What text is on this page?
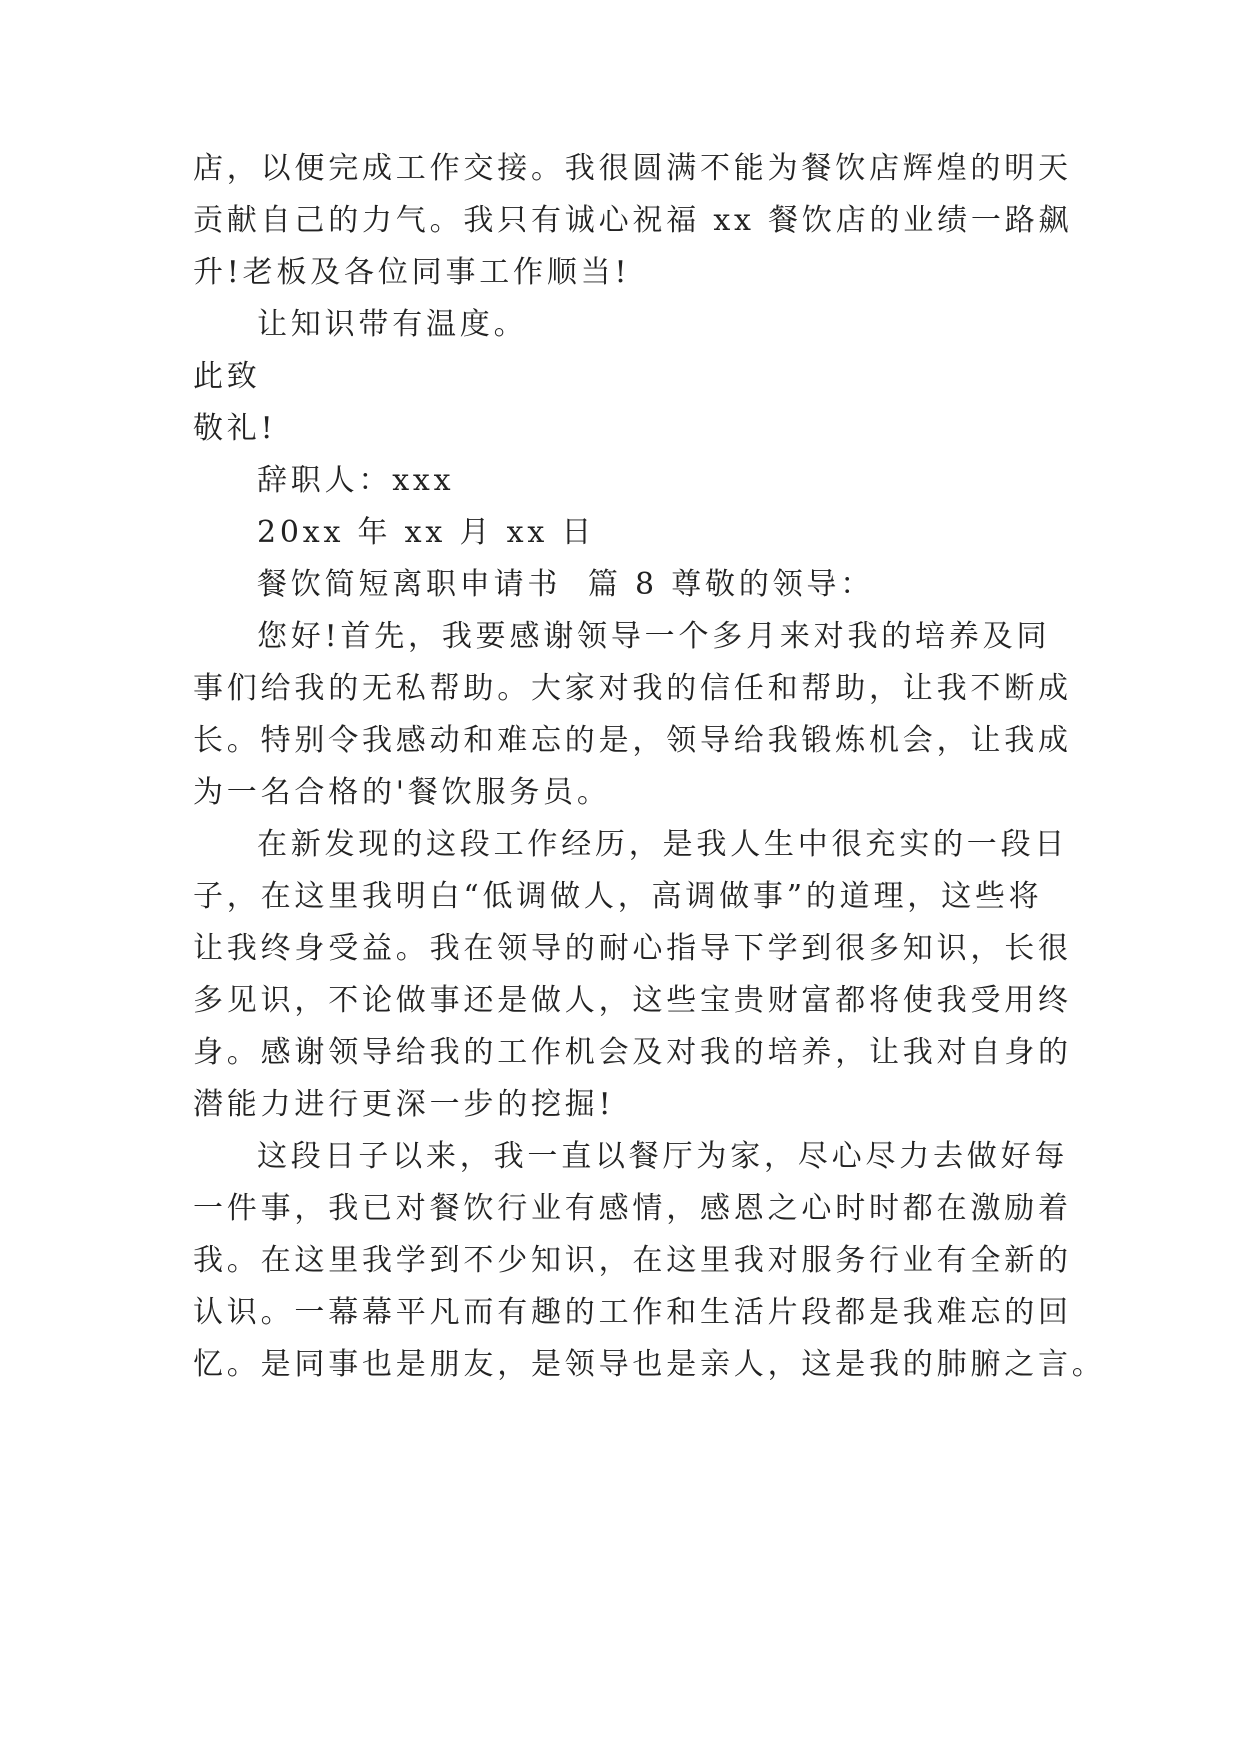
店，以便完成工作交接。我很圆满不能为餐饮店辉煌的明天
贡献自己的力气。我只有诚心祝福 xx 餐饮店的业绩一路飙
升!老板及各位同事工作顺当!
让知识带有温度。
此致
敬礼!
辞职人：xxx
20xx 年 xx 月 xx 日
餐饮简短离职申请书  篇 8 尊敬的领导：
您好!首先，我要感谢领导一个多月来对我的培养及同
事们给我的无私帮助。大家对我的信任和帮助，让我不断成
长。特别令我感动和难忘的是，领导给我锻炼机会，让我成
为一名合格的'餐饮服务员。
在新发现的这段工作经历，是我人生中很充实的一段日
子，在这里我明白“低调做人，高调做事”的道理，这些将
让我终身受益。我在领导的耐心指导下学到很多知识，长很
多见识，不论做事还是做人，这些宝贵财富都将使我受用终
身。感谢领导给我的工作机会及对我的培养，让我对自身的
潜能力进行更深一步的挖掘!
这段日子以来，我一直以餐厅为家，尽心尽力去做好每
一件事，我已对餐饮行业有感情，感恩之心时时都在激励着
我。在这里我学到不少知识，在这里我对服务行业有全新的
认识。一幕幕平凡而有趣的工作和生活片段都是我难忘的回
忆。是同事也是朋友，是领导也是亲人，这是我的肺腑之言。
